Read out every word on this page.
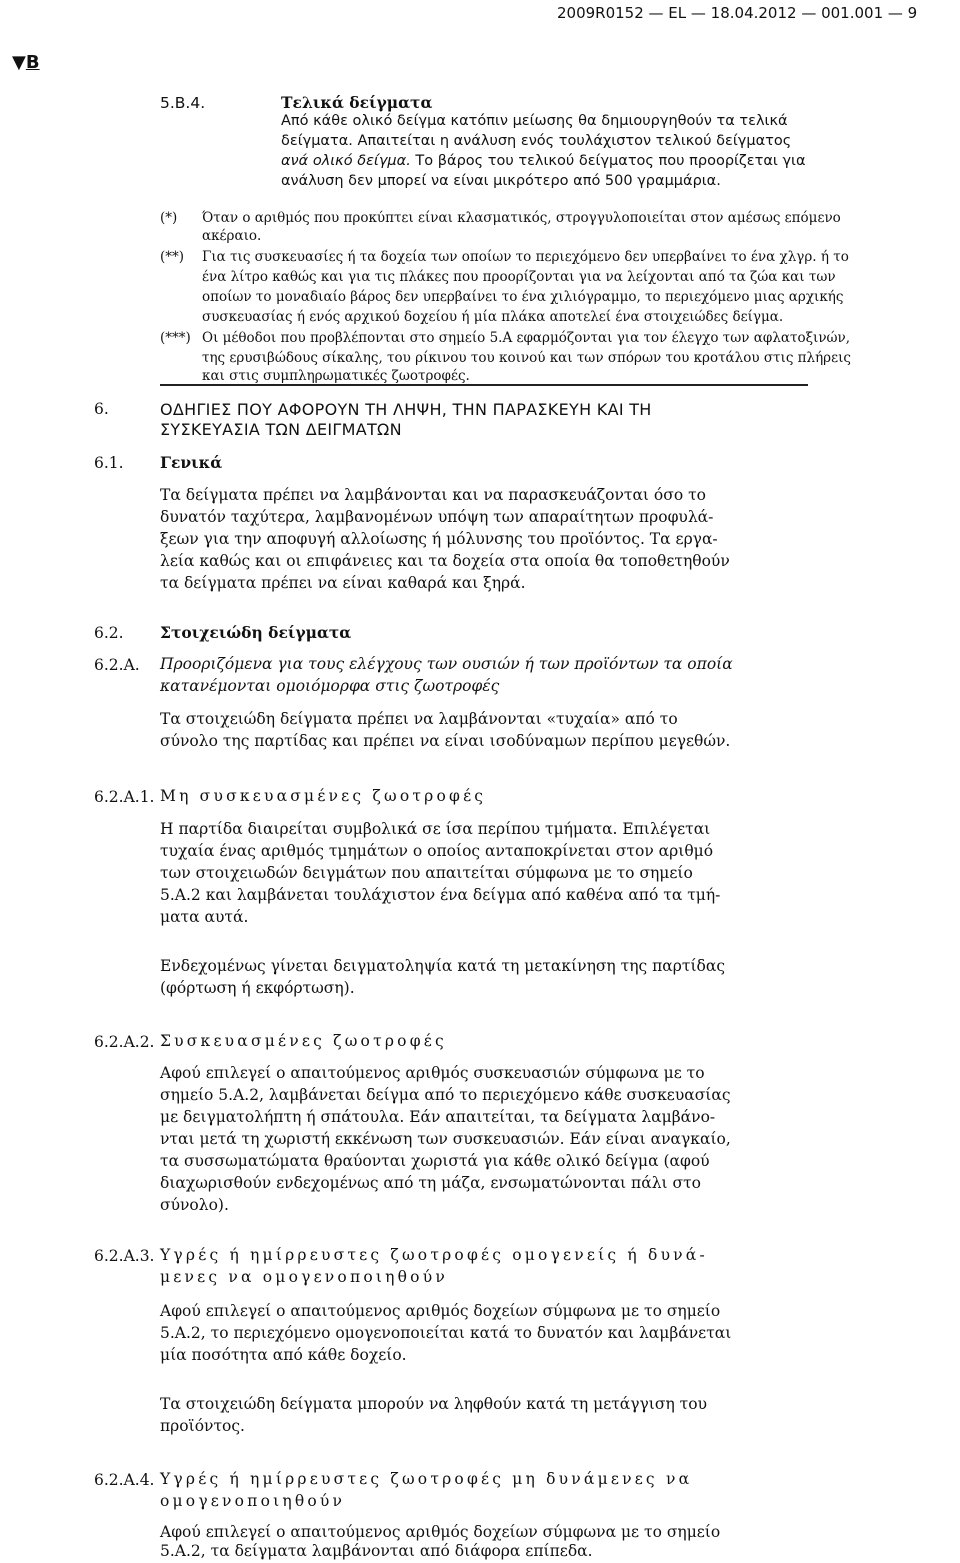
2009R0152 — EL — 18.04.2012 — 001.001 — 9
▼B
5.B.4.	Τελικά δείγματα
Από κάθε ολικό δείγμα κατόπιν μείωσης θα δημιουργηθούν τα τελικά
δείγματα. Απαιτείται η ανάλυση ενός τουλάχιστον τελικού δείγματος
ανά ολικό δείγμα. Το βάρος του τελικού δείγματος που προορίζεται για
ανάλυση δεν μπορεί να είναι μικρότερο από 500 γραμμάρια.
(*) Όταν ο αριθμός που προκύπτει είναι κλασματικός, στρογγυλοποιείται στον αμέσως επόμενο
ακέραιο.
(**) Για τις συσκευασίες ή τα δοχεία των οποίων το περιεχόμενο δεν υπερβαίνει το ένα χλγρ. ή το
ένα λίτρο καθώς και για τις πλάκες που προορίζονται για να λείχονται από τα ζώα και των
οποίων το μοναδιαίο βάρος δεν υπερβαίνει το ένα χιλιόγραμμο, το περιεχόμενο μιας αρχικής
συσκευασίας ή ενός αρχικού δοχείου ή μία πλάκα αποτελεί ένα στοιχειώδες δείγμα.
(***) Οι μέθοδοι που προβλέπονται στο σημείο 5.Α εφαρμόζονται για τον έλεγχο των αφλατοξινών,
της ερυσιβώδους σίκαλης, του ρίκινου του κοινού και των σπόρων του κροτάλου στις πλήρεις
και στις συμπληρωματικές ζωοτροφές.
6.	ΟΔΗΓΙΕΣ ΠΟΥ ΑΦΟΡΟΥΝ ΤΗ ΛΗΨΗ, ΤΗΝ ΠΑΡΑΣΚΕΥΗ ΚΑΙ ΤΗ
ΣΥΣΚΕΥΑΣΙΑ ΤΩΝ ΔΕΙΓΜΑΤΩΝ
6.1. Γενικά
Τα δείγματα πρέπει να λαμβάνονται και να παρασκευάζονται όσο το
δυνατόν ταχύτερα, λαμβανομένων υπόψη των απαραίτητων προφυλά-
ξεων για την αποφυγή αλλοίωσης ή μόλυνσης του προϊόντος. Τα εργα-
λεία καθώς και οι επιφάνειες και τα δοχεία στα οποία θα τοποθετηθούν
τα δείγματα πρέπει να είναι καθαρά και ξηρά.
6.2. Στοιχειώδη δείγματα
6.2.A. Προοριζόμενα για τους ελέγχους των ουσιών ή των προϊόντων τα οποία
κατανέμονται ομοιόμορφα στις ζωοτροφές
Τα στοιχειώδη δείγματα πρέπει να λαμβάνονται «τυχαία» από το
σύνολο της παρτίδας και πρέπει να είναι ισοδύναμων περίπου μεγεθών.
6.2.A.1. Μη συσκευασμένες ζωοτροφές
Η παρτίδα διαιρείται συμβολικά σε ίσα περίπου τμήματα. Επιλέγεται
τυχαία ένας αριθμός τμημάτων ο οποίος ανταποκρίνεται στον αριθμό
των στοιχειωδών δειγμάτων που απαιτείται σύμφωνα με το σημείο
5.Α.2 και λαμβάνεται τουλάχιστον ένα δείγμα από καθένα από τα τμή-
ματα αυτά.
Ενδεχομένως γίνεται δειγματοληψία κατά τη μετακίνηση της παρτίδας
(φόρτωση ή εκφόρτωση).
6.2.A.2. Συσκευασμένες ζωοτροφές
Αφού επιλεγεί ο απαιτούμενος αριθμός συσκευασιών σύμφωνα με το
σημείο 5.Α.2, λαμβάνεται δείγμα από το περιεχόμενο κάθε συσκευασίας
με δειγματολήπτη ή σπάτουλα. Εάν απαιτείται, τα δείγματα λαμβάνο-
νται μετά τη χωριστή εκκένωση των συσκευασιών. Εάν είναι αναγκαίο,
τα συσσωματώματα θραύονται χωριστά για κάθε ολικό δείγμα (αφού
διαχωρισθούν ενδεχομένως από τη μάζα, ενσωματώνονται πάλι στο
σύνολο).
6.2.A.3. Υγρές ή ημίρρευστες ζωοτροφές ομογενείς ή δυνά-
μενες να ομογενοποιηθούν
Αφού επιλεγεί ο απαιτούμενος αριθμός δοχείων σύμφωνα με το σημείο
5.Α.2, το περιεχόμενο ομογενοποιείται κατά το δυνατόν και λαμβάνεται
μία ποσότητα από κάθε δοχείο.
Τα στοιχειώδη δείγματα μπορούν να ληφθούν κατά τη μετάγγιση του
προϊόντος.
6.2.A.4. Υγρές ή ημίρρευστες ζωοτροφές μη δυνάμενες να
ομογενοποιηθούν
Αφού επιλεγεί ο απαιτούμενος αριθμός δοχείων σύμφωνα με το σημείο
5.Α.2, τα δείγματα λαμβάνονται από διάφορα επίπεδα.
